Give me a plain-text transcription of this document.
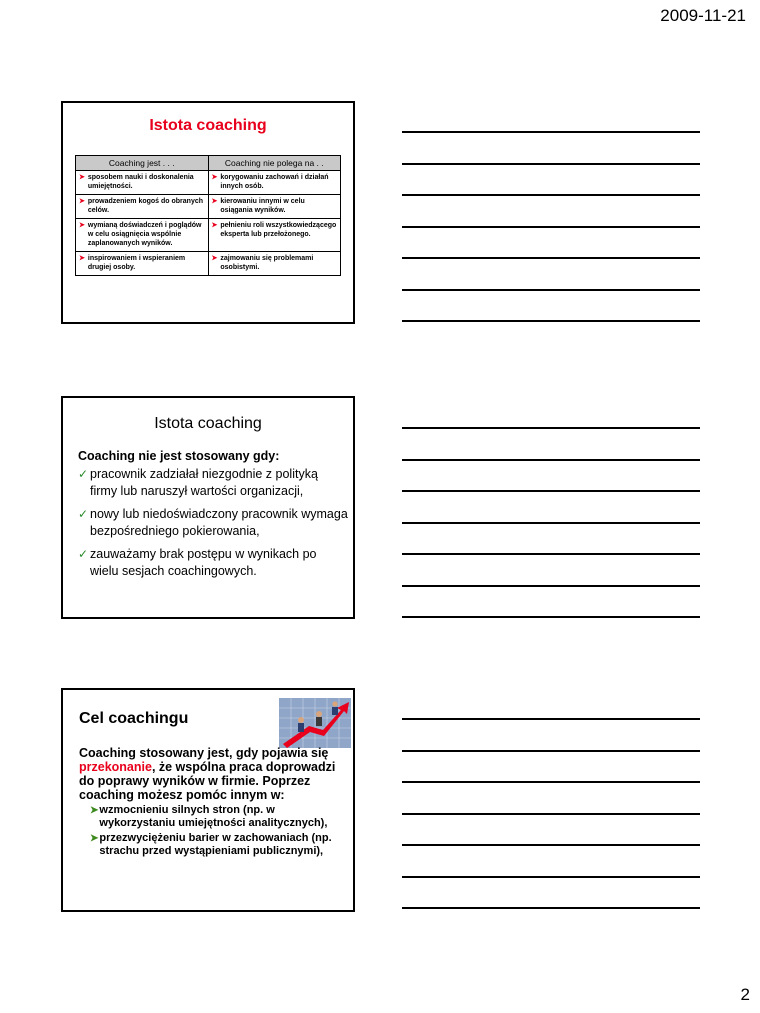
2009-11-21
Istota coaching
Coaching jest . . .	Coaching nie polega na . .

➤ sposobem nauki i doskonalenia umiejętności.	➤ korygowaniu zachowań i działań innych osób.

➤ prowadzeniem kogoś do obranych celów.	➤ kierowaniu innymi w celu osiągania wyników.

➤ wymianą doświadczeń i poglądów w celu osiągnięcia wspólnie zaplanowanych wyników.	➤ pełnieniu roli wszystkowiedzącego eksperta lub przełożonego.

➤ inspirowaniem i wspieraniem drugiej osoby.	➤ zajmowaniu się problemami osobistymi.
Istota coaching
Coaching nie jest stosowany gdy:
✓ pracownik zadziałał niezgodnie z polityką firmy lub naruszył wartości organizacji,
✓ nowy lub niedoświadczony pracownik wymaga bezpośredniego pokierowania,
✓ zauważamy brak postępu w wynikach po wielu sesjach coachingowych.
Cel coachingu
Coaching stosowany jest, gdy pojawia się przekonanie, że wspólna praca doprowadzi do poprawy wyników w firmie. Poprzez coaching możesz pomóc innym w:
➤ wzmocnieniu silnych stron (np. w wykorzystaniu umiejętności analitycznych),
➤ przezwyciężeniu barier w zachowaniach (np. strachu przed wystąpieniami publicznymi),
2
